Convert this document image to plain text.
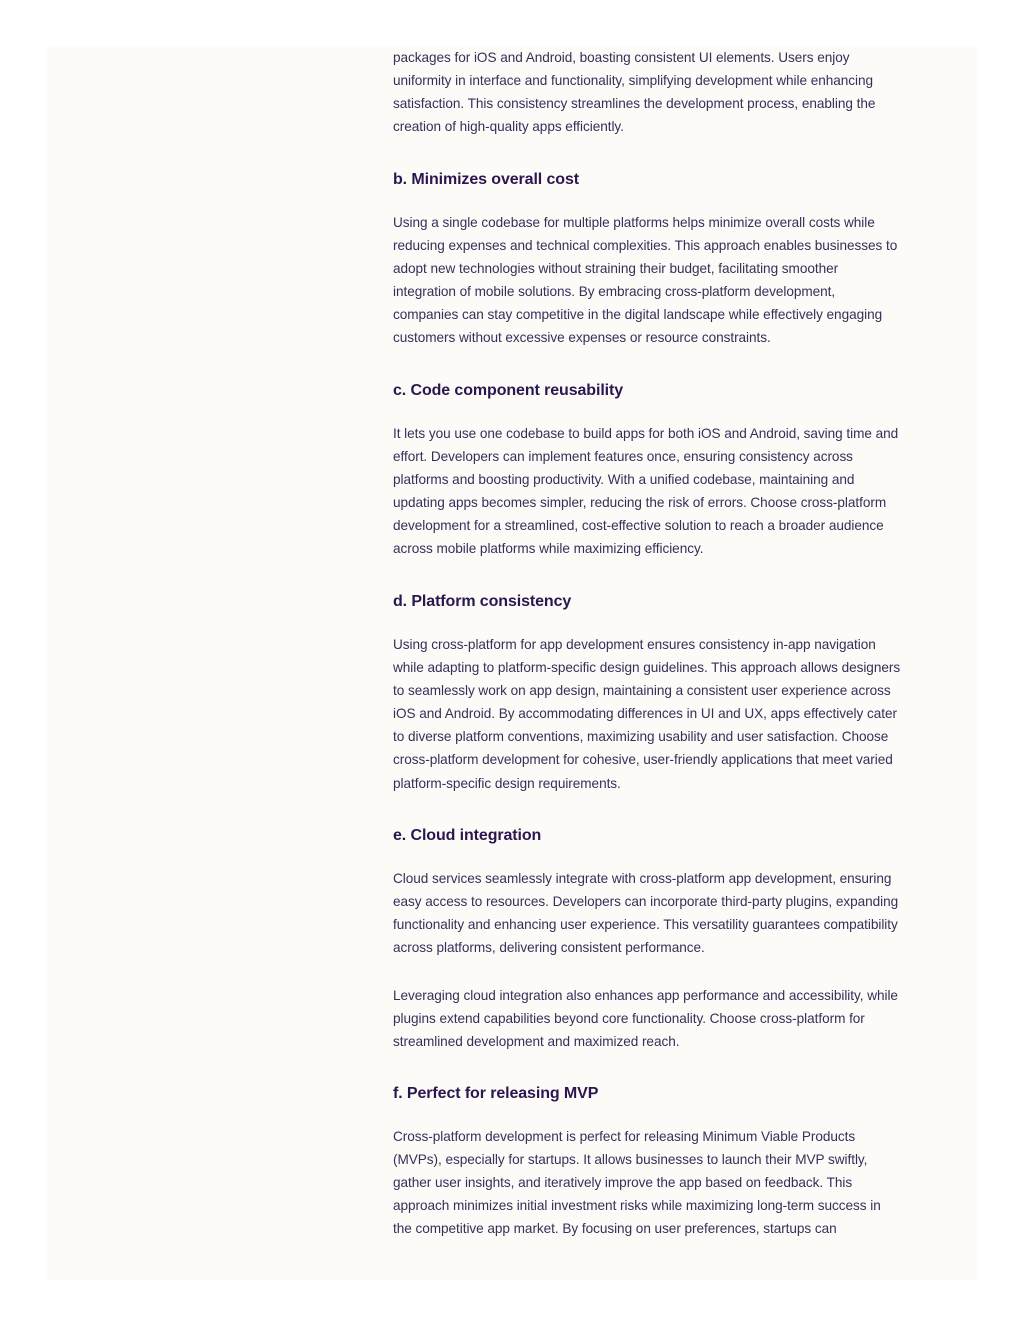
packages for iOS and Android, boasting consistent UI elements. Users enjoy uniformity in interface and functionality, simplifying development while enhancing satisfaction. This consistency streamlines the development process, enabling the creation of high-quality apps efficiently.

b. Minimizes overall cost

Using a single codebase for multiple platforms helps minimize overall costs while reducing expenses and technical complexities. This approach enables businesses to adopt new technologies without straining their budget, facilitating smoother integration of mobile solutions. By embracing cross-platform development, companies can stay competitive in the digital landscape while effectively engaging customers without excessive expenses or resource constraints.

c. Code component reusability

It lets you use one codebase to build apps for both iOS and Android, saving time and effort. Developers can implement features once, ensuring consistency across platforms and boosting productivity. With a unified codebase, maintaining and updating apps becomes simpler, reducing the risk of errors. Choose cross-platform development for a streamlined, cost-effective solution to reach a broader audience across mobile platforms while maximizing efficiency.

d. Platform consistency

Using cross-platform for app development ensures consistency in-app navigation while adapting to platform-specific design guidelines. This approach allows designers to seamlessly work on app design, maintaining a consistent user experience across iOS and Android. By accommodating differences in UI and UX, apps effectively cater to diverse platform conventions, maximizing usability and user satisfaction. Choose cross-platform development for cohesive, user-friendly applications that meet varied platform-specific design requirements.

e. Cloud integration

Cloud services seamlessly integrate with cross-platform app development, ensuring easy access to resources. Developers can incorporate third-party plugins, expanding functionality and enhancing user experience. This versatility guarantees compatibility across platforms, delivering consistent performance.

Leveraging cloud integration also enhances app performance and accessibility, while plugins extend capabilities beyond core functionality. Choose cross-platform for streamlined development and maximized reach.

f. Perfect for releasing MVP

Cross-platform development is perfect for releasing Minimum Viable Products (MVPs), especially for startups. It allows businesses to launch their MVP swiftly, gather user insights, and iteratively improve the app based on feedback. This approach minimizes initial investment risks while maximizing long-term success in the competitive app market. By focusing on user preferences, startups can
